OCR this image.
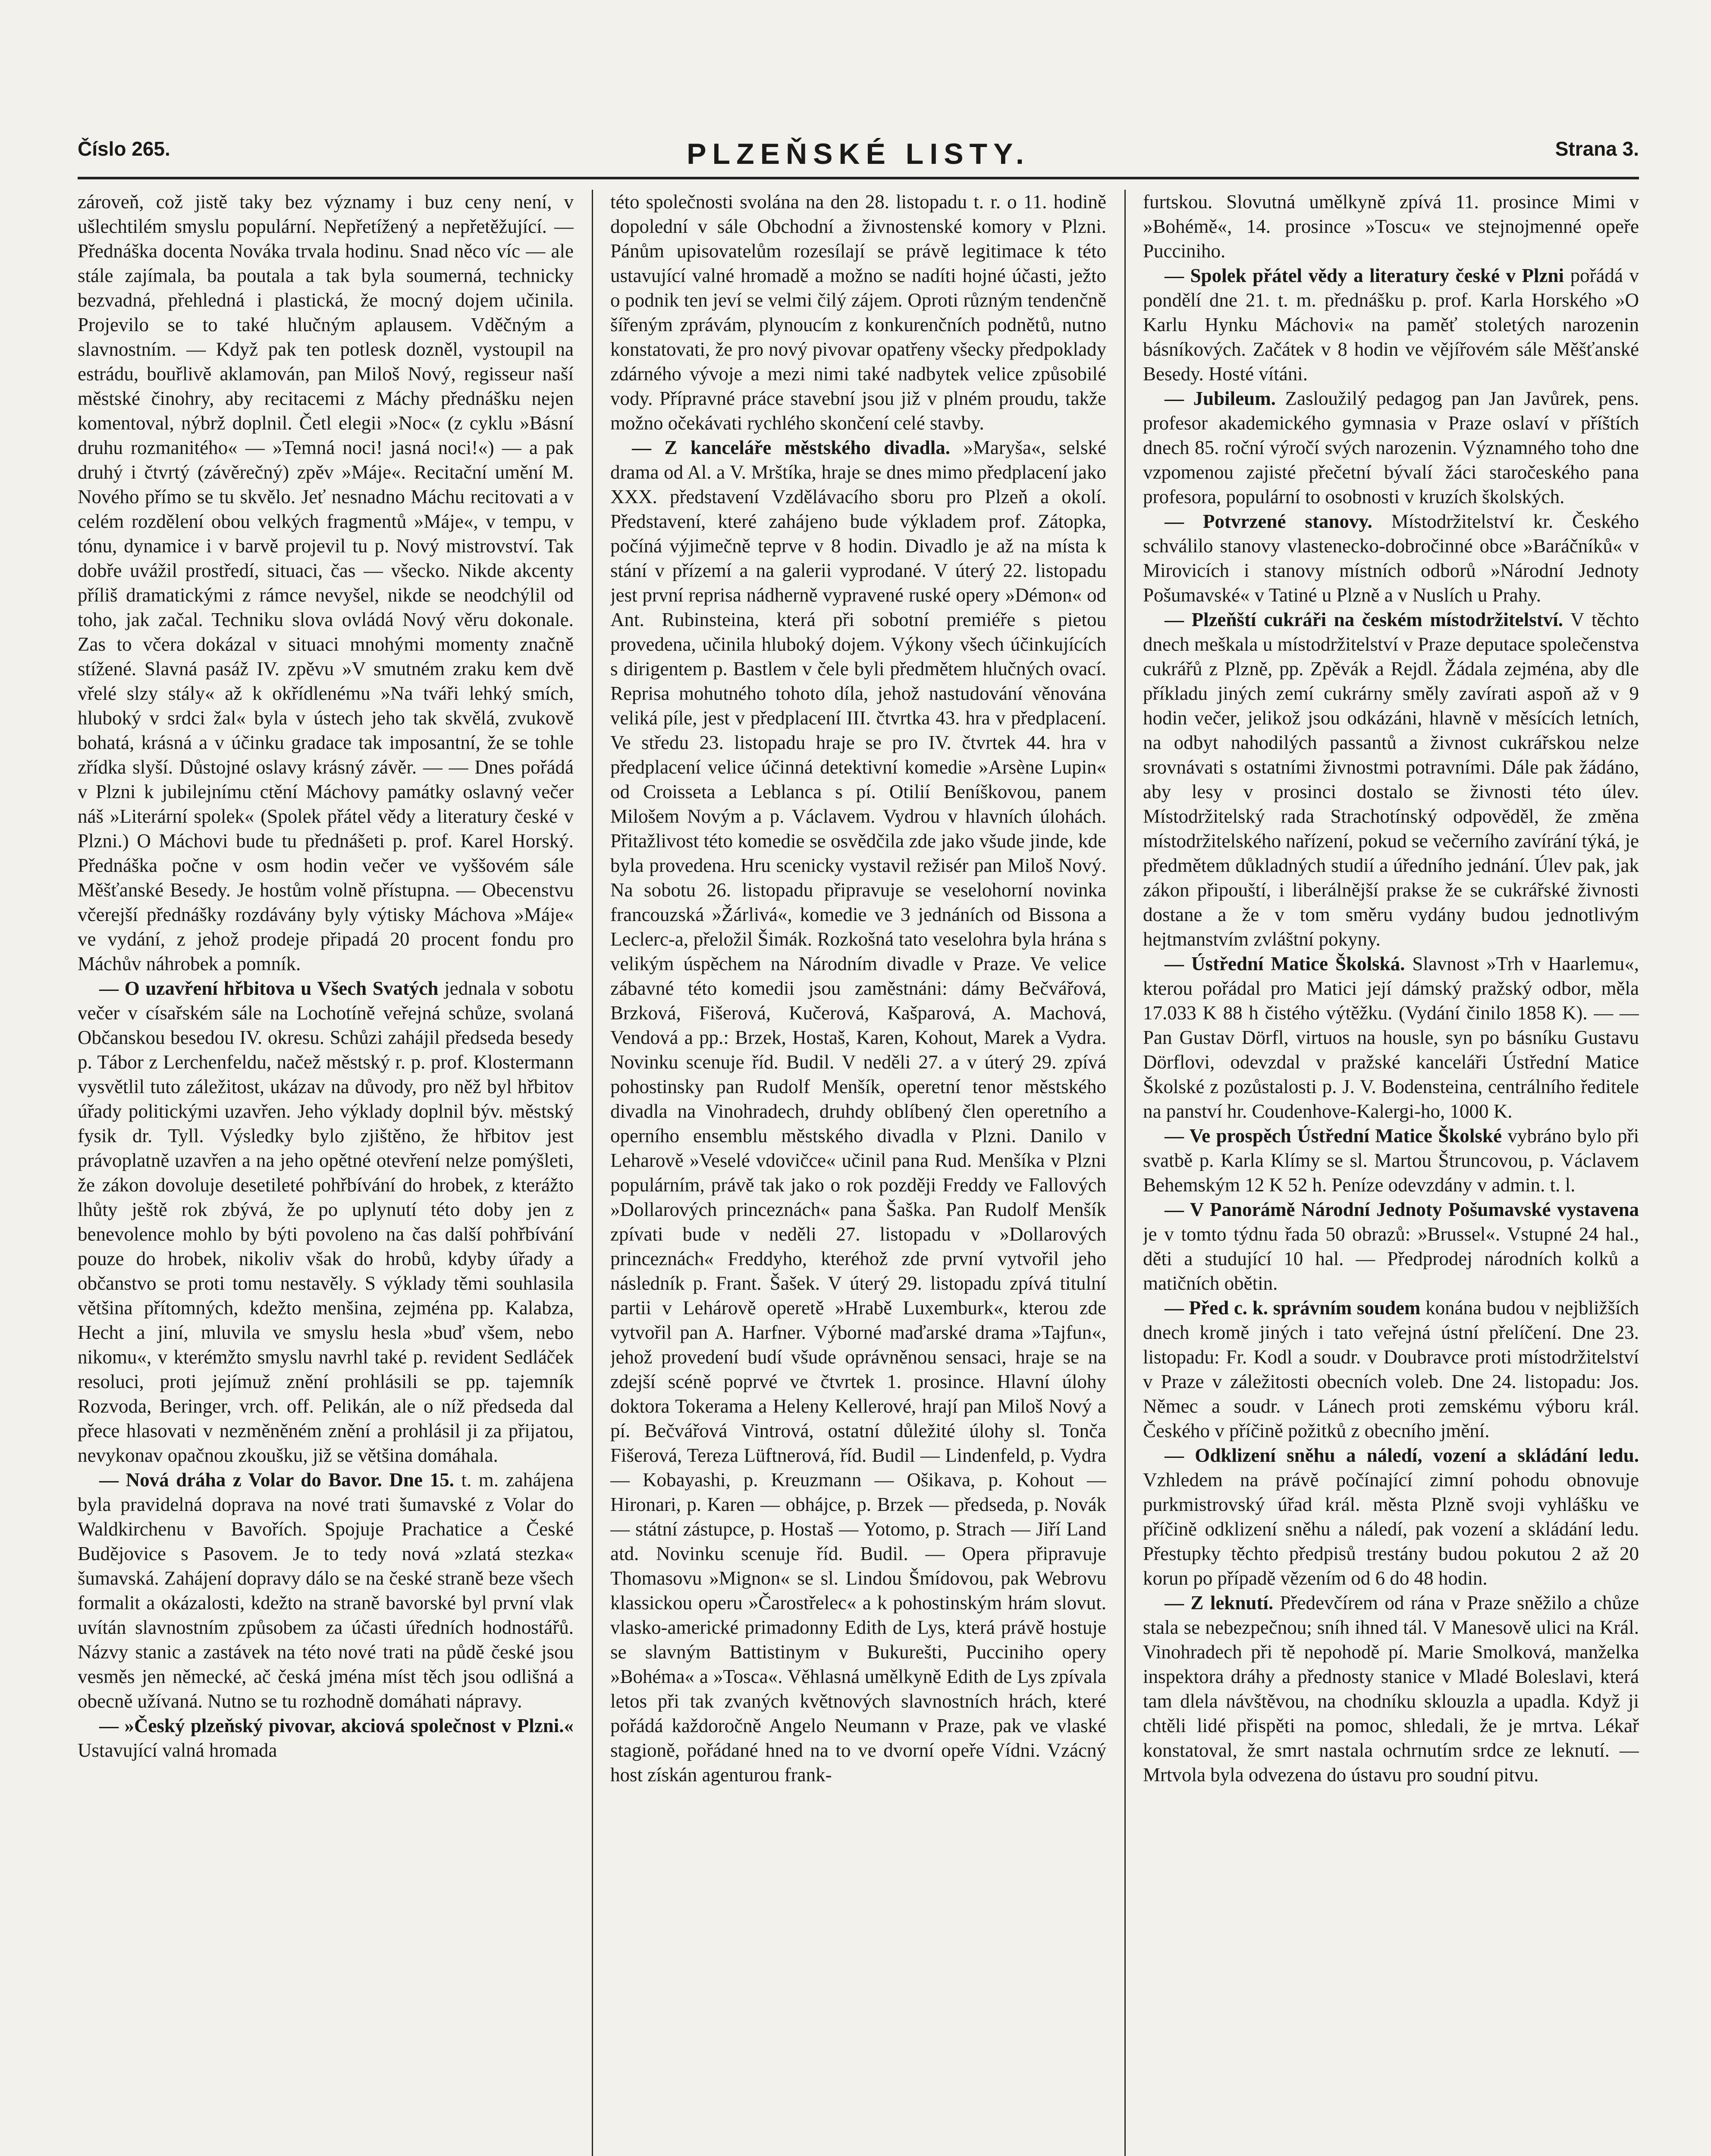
Číslo 265.	PLZEŇSKÉ LISTY.	Strana 3.

zároveň, což jistě taky bez významy i buz ceny není, v ušlechtilém smyslu populární. Nepřetížený a nepřetěžující. — Přednáška docenta Nováka trvala hodinu. Snad něco víc — ale stále zajímala, ba poutala a tak byla soumerná, technicky bezvadná, přehledná i plastická, že mocný dojem učinila. Projevilo se to také hlučným aplausem. Vděčným a slavnostním. — Když pak ten potlesk dozněl, vystoupil na estrádu, bouřlivě aklamován, pan Miloš Nový, regisseur naší městské činohry, aby recitacemi z Máchy přednášku nejen komentoval, nýbrž doplnil. Četl elegii »Noc« (z cyklu »Básní druhu rozmanitého« — »Temná noci! jasná noci!«) — a pak druhý i čtvrtý (závěrečný) zpěv »Máje«. Recitační umění M. Nového přímo se tu skvělo. Jeť nesnadno Máchu recitovati a v celém rozdělení obou velkých fragmentů »Máje«, v tempu, v tónu, dynamice i v barvě projevil tu p. Nový mistrovství. Tak dobře uvážil prostředí, situaci, čas — všecko. Nikde akcenty příliš dramatickými z rámce nevyšel, nikde se neodchýlil od toho, jak začal. Techniku slova ovládá Nový věru dokonale. Zas to včera dokázal v situaci mnohými momenty značně stížené. Slavná pasáž IV. zpěvu »V smutném zraku kem dvě vřelé slzy stály« až k okřídlenému »Na tváři lehký smích, hluboký v srdci žal« byla v ústech jeho tak skvělá, zvukově bohatá, krásná a v účinku gradace tak imposantní, že se tohle zřídka slyší. Důstojné oslavy krásný závěr. — — Dnes pořádá v Plzni k jubilejnímu ctění Máchovy památky oslavný večer náš »Literární spolek« (Spolek přátel vědy a literatury české v Plzni.) O Máchovi bude tu přednášeti p. prof. Karel Horský. Přednáška počne v osm hodin večer ve vyššovém sále Měšťanské Besedy. Je hostům volně přístupna. — Obecenstvu včerejší přednášky rozdávány byly výtisky Máchova »Máje« ve vydání, z jehož prodeje připadá 20 procent fondu pro Máchův náhrobek a pomník.

— O uzavření hřbitova u Všech Svatých jednala v sobotu večer v císařském sále na Lochotíně veřejná schůze, svolaná Občanskou besedou IV. okresu. Schůzi zahájil předseda besedy p. Tábor z Lerchenfeldu, načež městský r. p. prof. Klostermann vysvětlil tuto záležitost, ukázav na důvody, pro něž byl hřbitov úřady politickými uzavřen. Jeho výklady doplnil býv. městský fysik dr. Tyll. Výsledky bylo zjištěno, že hřbitov jest právoplatně uzavřen a na jeho opětné otevření nelze pomýšleti, že zákon dovoluje desetileté pohřbívání do hrobek, z kterážto lhůty ještě rok zbývá, že po uplynutí této doby jen z benevolence mohlo by býti povoleno na čas další pohřbívání pouze do hrobek, nikoliv však do hrobů, kdyby úřady a občanstvo se proti tomu nestavěly. S výklady těmi souhlasila většina přítomných, kdežto menšina, zejména pp. Kalabza, Hecht a jiní, mluvila ve smyslu hesla »buď všem, nebo nikomu«, v kterémžto smyslu navrhl také p. revident Sedláček resoluci, proti jejímuž znění prohlásili se pp. tajemník Rozvoda, Beringer, vrch. off. Pelikán, ale o níž předseda dal přece hlasovati v nezměněném znění a prohlásil ji za přijatou, nevykonav opačnou zkoušku, již se většina domáhala.

— Nová dráha z Volar do Bavor. Dne 15. t. m. zahájena byla pravidelná doprava na nové trati šumavské z Volar do Waldkirchenu v Bavořích. Spojuje Prachatice a České Budějovice s Pasovem. Je to tedy nová »zlatá stezka« šumavská. Zahájení dopravy dálo se na české straně beze všech formalit a okázalosti, kdežto na straně bavorské byl první vlak uvítán slavnostním způsobem za účasti úředních hodnostářů. Názvy stanic a zastávek na této nové trati na půdě české jsou vesměs jen německé, ač česká jména míst těch jsou odlišná a obecně užívaná. Nutno se tu rozhodně domáhati nápravy.

— »Český plzeňský pivovar, akciová společnost v Plzni.« Ustavující valná hromada

této společnosti svolána na den 28. listopadu t. r. o 11. hodině dopolední v sále Obchodní a živnostenské komory v Plzni. Pánům upisovatelům rozesílají se právě legitimace k této ustavující valné hromadě a možno se nadíti hojné účasti, ježto o podnik ten jeví se velmi čilý zájem. Oproti různým tendenčně šířeným zprávám, plynoucím z konkurenčních podnětů, nutno konstatovati, že pro nový pivovar opatřeny všecky předpoklady zdárného vývoje a mezi nimi také nadbytek velice způsobilé vody. Přípravné práce stavební jsou již v plném proudu, takže možno očekávati rychlého skončení celé stavby.

— Z kanceláře městského divadla. »Maryša«, selské drama od Al. a V. Mrštíka, hraje se dnes mimo předplacení jako XXX. představení Vzdělávacího sboru pro Plzeň a okolí. Představení, které zahájeno bude výkladem prof. Zátopka, počíná výjimečně teprve v 8 hodin. Divadlo je až na místa k stání v přízemí a na galerii vyprodané. V úterý 22. listopadu jest první reprisa nádherně vypravené ruské opery »Démon« od Ant. Rubinsteina, která při sobotní premiéře s pietou provedena, učinila hluboký dojem. Výkony všech účinkujících s dirigentem p. Bastlem v čele byli předmětem hlučných ovací. Reprisa mohutného tohoto díla, jehož nastudování věnována veliká píle, jest v předplacení III. čtvrtka 43. hra v předplacení. Ve středu 23. listopadu hraje se pro IV. čtvrtek 44. hra v předplacení velice účinná detektivní komedie »Arsène Lupin« od Croisseta a Leblanca s pí. Otilií Beníškovou, panem Milošem Novým a p. Václavem. Vydrou v hlavních úlohách. Přitažlivost této komedie se osvědčila zde jako všude jinde, kde byla provedena. Hru scenicky vystavil režisér pan Miloš Nový. Na sobotu 26. listopadu připravuje se veselohorní novinka francouzská »Žárlivá«, komedie ve 3 jednáních od Bissona a Leclerc-a, přeložil Šimák. Rozkošná tato veselohra byla hrána s velikým úspěchem na Národním divadle v Praze. Ve velice zábavné této komedii jsou zaměstnáni: dámy Bečvářová, Brzková, Fišerová, Kučerová, Kašparová, A. Machová, Vendová a pp.: Brzek, Hostaš, Karen, Kohout, Marek a Vydra. Novinku scenuje říd. Budil. V neděli 27. a v úterý 29. zpívá pohostinsky pan Rudolf Menšík, operetní tenor městského divadla na Vinohradech, druhdy oblíbený člen operetního a operního ensemblu městského divadla v Plzni. Danilo v Leharově »Veselé vdovičce« učinil pana Rud. Menšíka v Plzni populárním, právě tak jako o rok později Freddy ve Fallových »Dollarových princeznách« pana Šaška. Pan Rudolf Menšík zpívati bude v neděli 27. listopadu v »Dollarových princeznách« Freddyho, kteréhož zde první vytvořil jeho následník p. Frant. Šašek. V úterý 29. listopadu zpívá titulní partii v Lehárově operetě »Hrabě Luxemburk«, kterou zde vytvořil pan A. Harfner. Výborné maďarské drama »Tajfun«, jehož provedení budí všude oprávněnou sensaci, hraje se na zdejší scéně poprvé ve čtvrtek 1. prosince. Hlavní úlohy doktora Tokerama a Heleny Kellerové, hrají pan Miloš Nový a pí. Bečvářová Vintrová, ostatní důležité úlohy sl. Tonča Fišerová, Tereza Lüftnerová, říd. Budil — Lindenfeld, p. Vydra — Kobayashi, p. Kreuzmann — Ošikava, p. Kohout — Hironari, p. Karen — obhájce, p. Brzek — předseda, p. Novák — státní zástupce, p. Hostaš — Yotomo, p. Strach — Jiří Land atd. Novinku scenuje říd. Budil. — Opera připravuje Thomasovu »Mignon« se sl. Lindou Šmídovou, pak Webrovu klassickou operu »Čarostřelec« a k pohostinským hrám slovut. vlasko-americké primadonny Edith de Lys, která právě hostuje se slavným Battistinym v Bukurešti, Pucciniho opery »Bohéma« a »Tosca«. Věhlasná umělkyně Edith de Lys zpívala letos při tak zvaných květnových slavnostních hrách, které pořádá každoročně Angelo Neumann v Praze, pak ve vlaské stagioně, pořádané hned na to ve dvorní opeře Vídni. Vzácný host získán agenturou frank-

furtskou. Slovutná umělkyně zpívá 11. prosince Mimi v »Bohémě«, 14. prosince »Toscu« ve stejnojmenné opeře Pucciniho.

— Spolek přátel vědy a literatury české v Plzni pořádá v pondělí dne 21. t. m. přednášku p. prof. Karla Horského »O Karlu Hynku Máchovi« na paměť stoletých narozenin básníkových. Začátek v 8 hodin ve vějířovém sále Měšťanské Besedy. Hosté vítáni.

— Jubileum. Zasloužilý pedagog pan Jan Javůrek, pens. profesor akademického gymnasia v Praze oslaví v příštích dnech 85. roční výročí svých narozenin. Významného toho dne vzpomenou zajisté přečetní bývalí žáci staročeského pana profesora, populární to osobnosti v kruzích školských.

— Potvrzené stanovy. Místodržitelství kr. Českého schválilo stanovy vlastenecko-dobročinné obce »Baráčníků« v Mirovicích i stanovy místních odborů »Národní Jednoty Pošumavské« v Tatiné u Plzně a v Nuslích u Prahy.

— Plzeňští cukráři na českém místodržitelství. V těchto dnech meškala u místodržitelství v Praze deputace společenstva cukrářů z Plzně, pp. Zpěvák a Rejdl. Žádala zejména, aby dle příkladu jiných zemí cukrárny směly zavírati aspoň až v 9 hodin večer, jelikož jsou odkázáni, hlavně v měsících letních, na odbyt nahodilých passantů a živnost cukrářskou nelze srovnávati s ostatními živnostmi potravními. Dále pak žádáno, aby lesy v prosinci dostalo se živnosti této úlev. Místodržitelský rada Strachotínský odpověděl, že změna místodržitelského nařízení, pokud se večerního zavírání týká, je předmětem důkladných studií a úředního jednání. Úlev pak, jak zákon připouští, i liberálnější prakse že se cukrářské živnosti dostane a že v tom směru vydány budou jednotlivým hejtmanstvím zvláštní pokyny.

— Ústřední Matice Školská. Slavnost »Trh v Haarlemu«, kterou pořádal pro Matici její dámský pražský odbor, měla 17.033 K 88 h čistého výtěžku. (Vydání činilo 1858 K). — — Pan Gustav Dörfl, virtuos na housle, syn po básníku Gustavu Dörflovi, odevzdal v pražské kanceláři Ústřední Matice Školské z pozůstalosti p. J. V. Bodensteina, centrálního ředitele na panství hr. Coudenhove-Kalergi-ho, 1000 K.

— Ve prospěch Ústřední Matice Školské vybráno bylo při svatbě p. Karla Klímy se sl. Martou Štruncovou, p. Václavem Behemským 12 K 52 h. Peníze odevzdány v admin. t. l.

— V Panorámě Národní Jednoty Pošumavské vystavena je v tomto týdnu řada 50 obrazů: »Brussel«. Vstupné 24 hal., děti a studující 10 hal. — Předprodej národních kolků a matičních obětin.

— Před c. k. správním soudem konána budou v nejbližších dnech kromě jiných i tato veřejná ústní přelíčení. Dne 23. listopadu: Fr. Kodl a soudr. v Doubravce proti místodržitelství v Praze v záležitosti obecních voleb. Dne 24. listopadu: Jos. Němec a soudr. v Lánech proti zemskému výboru král. Českého v příčině požitků z obecního jmění.

— Odklizení sněhu a náledí, vození a skládání ledu. Vzhledem na právě počínající zimní pohodu obnovuje purkmistrovský úřad král. města Plzně svoji vyhlášku ve příčině odklizení sněhu a náledí, pak vození a skládání ledu. Přestupky těchto předpisů trestány budou pokutou 2 až 20 korun po případě vězením od 6 do 48 hodin.

— Z leknutí. Předevčírem od rána v Praze sněžilo a chůze stala se nebezpečnou; sníh ihned tál. V Manesově ulici na Král. Vinohradech při tě nepohodě pí. Marie Smolková, manželka inspektora dráhy a přednosty stanice v Mladé Boleslavi, která tam dlela návštěvou, na chodníku sklouzla a upadla. Když ji chtěli lidé přispěti na pomoc, shledali, že je mrtva. Lékař konstatoval, že smrt nastala ochrnutím srdce ze leknutí. — Mrtvola byla odvezena do ústavu pro soudní pitvu.
